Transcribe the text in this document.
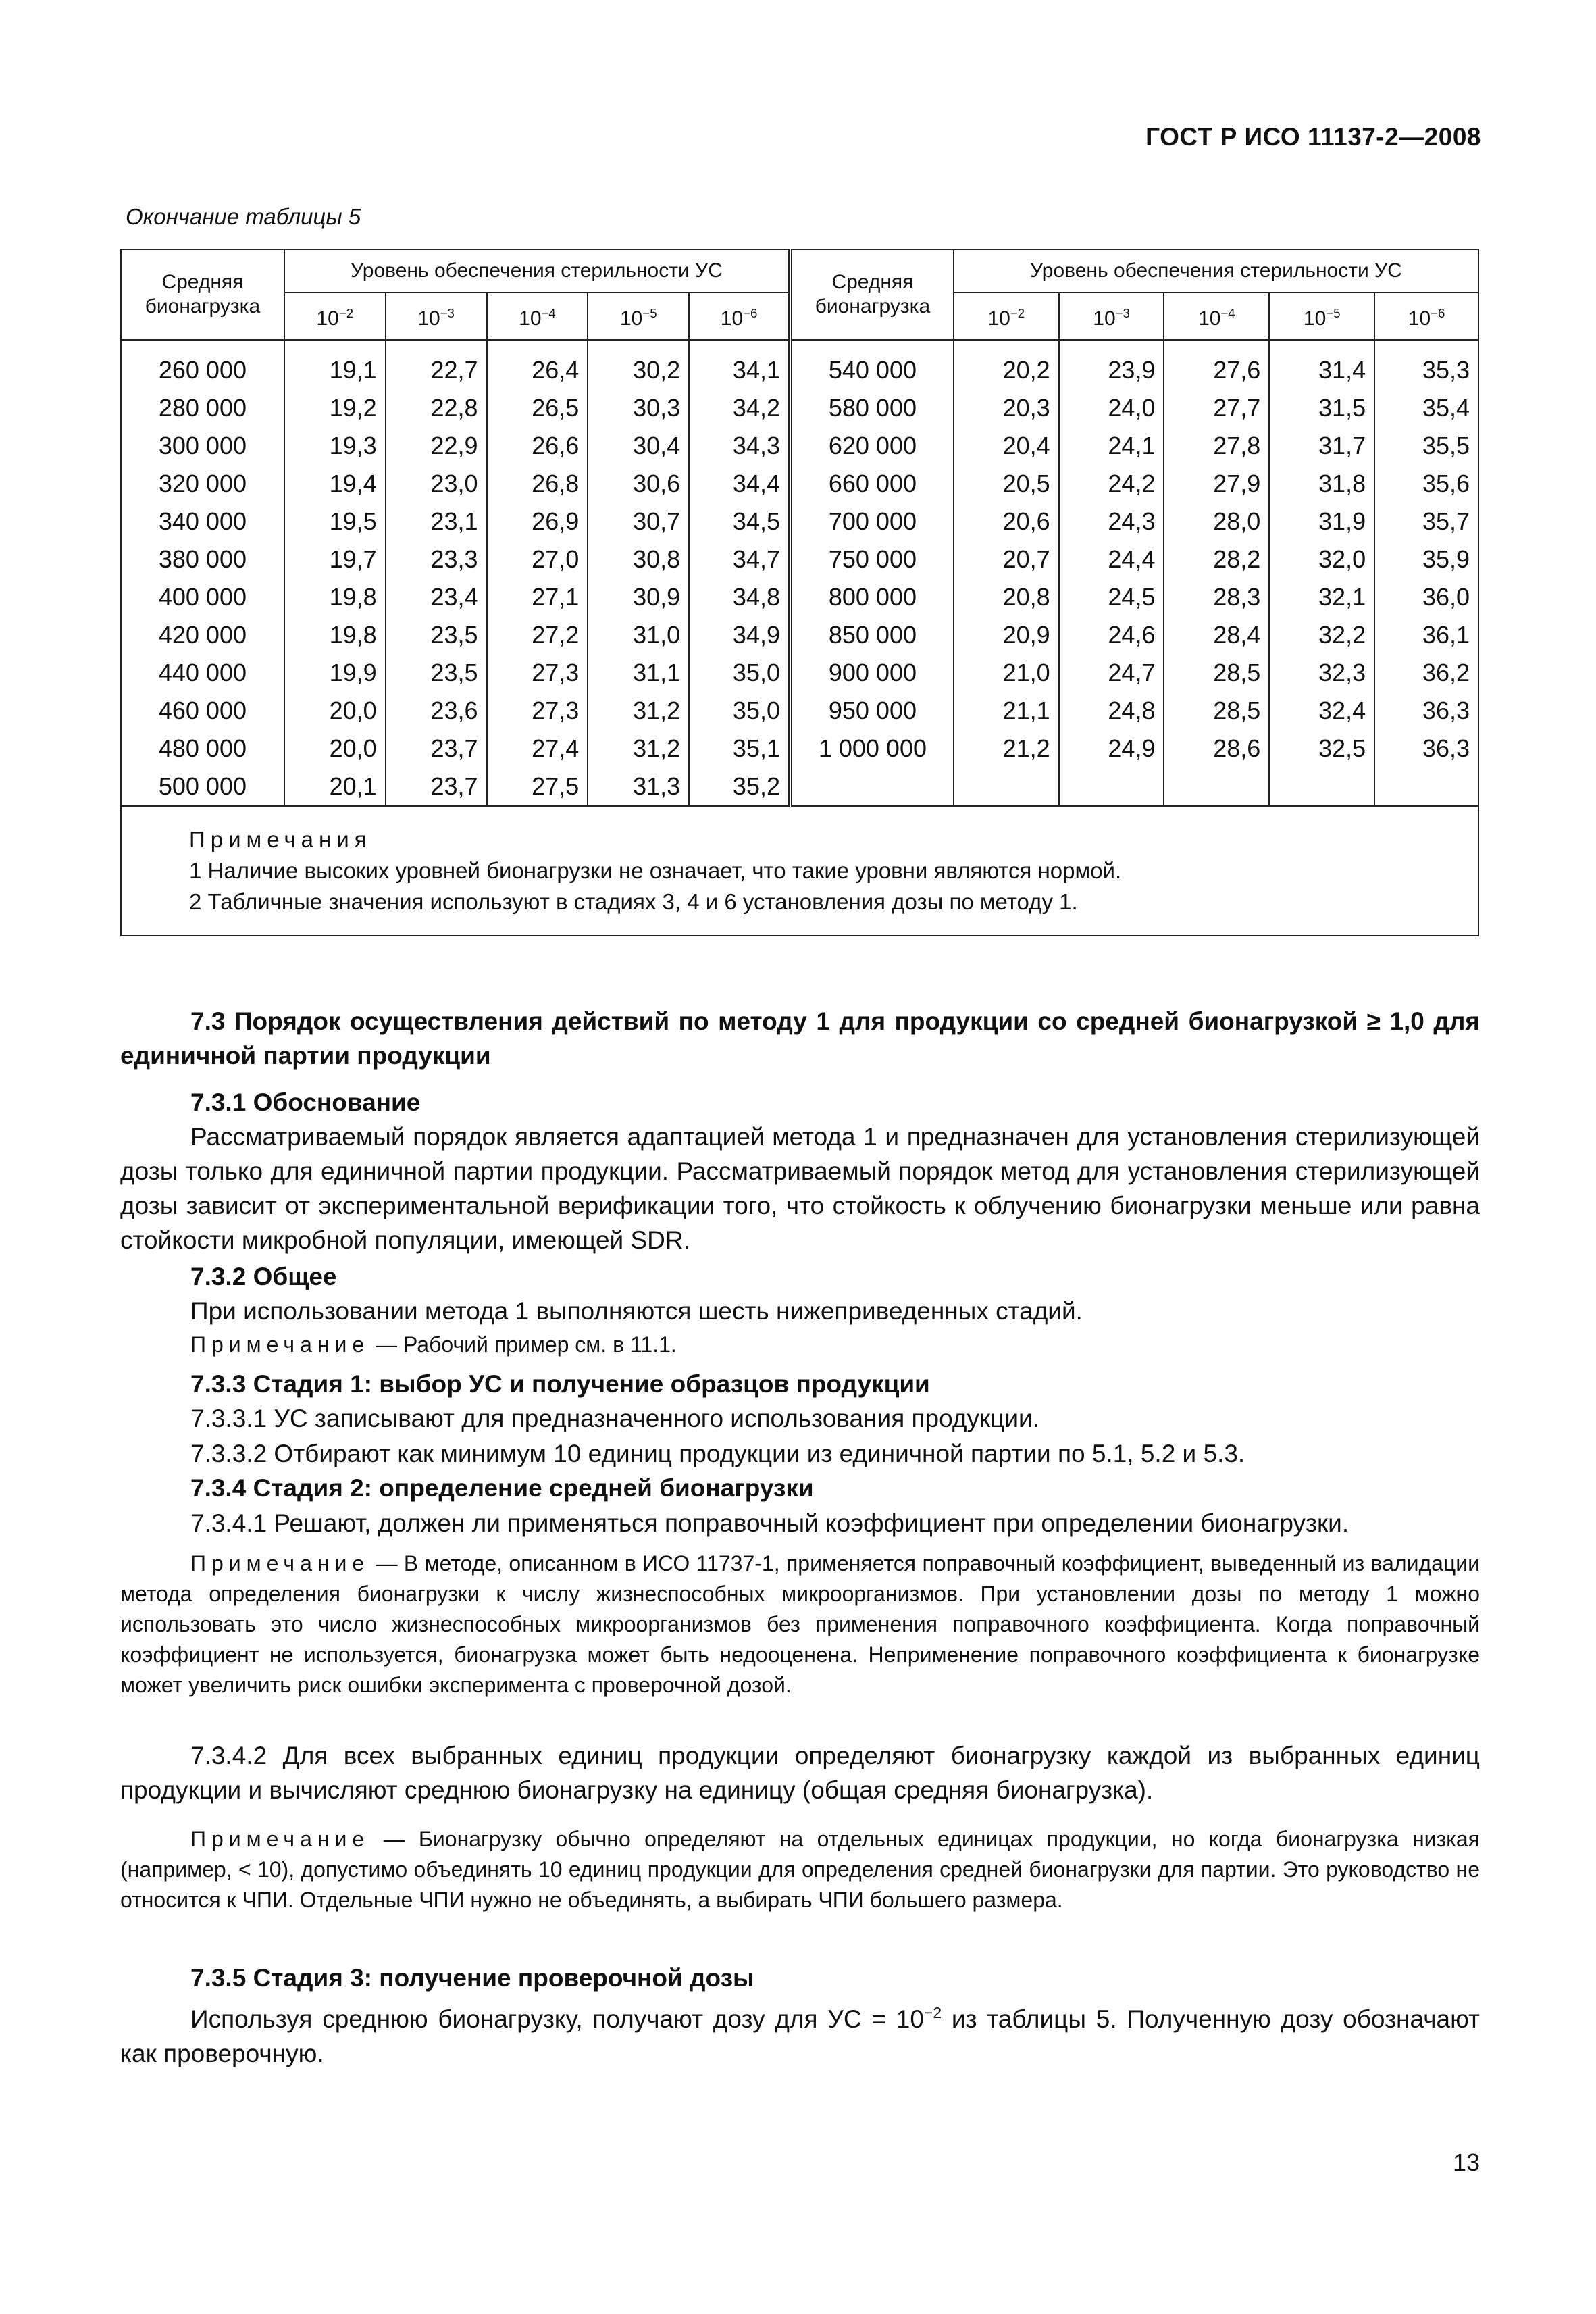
ГОСТ Р ИСО 11137-2—2008
Окончание таблицы 5
Средняя бионагрузка	Уровень обеспечения стерильности УС					Средняя бионагрузка	Уровень обеспечения стерильности УС				
	$10^{-2}$	$10^{-3}$	$10^{-4}$	$10^{-5}$	$10^{-6}$		$10^{-2}$	$10^{-3}$	$10^{-4}$	$10^{-5}$	$10^{-6}$
260 000	19,1	22,7	26,4	30,2	34,1	540 000	20,2	23,9	27,6	31,4	35,3
280 000	19,2	22,8	26,5	30,3	34,2	580 000	20,3	24,0	27,7	31,5	35,4
300 000	19,3	22,9	26,6	30,4	34,3	620 000	20,4	24,1	27,8	31,7	35,5
320 000	19,4	23,0	26,8	30,6	34,4	660 000	20,5	24,2	27,9	31,8	35,6
340 000	19,5	23,1	26,9	30,7	34,5	700 000	20,6	24,3	28,0	31,9	35,7
380 000	19,7	23,3	27,0	30,8	34,7	750 000	20,7	24,4	28,2	32,0	35,9
400 000	19,8	23,4	27,1	30,9	34,8	800 000	20,8	24,5	28,3	32,1	36,0
420 000	19,8	23,5	27,2	31,0	34,9	850 000	20,9	24,6	28,4	32,2	36,1
440 000	19,9	23,5	27,3	31,1	35,0	900 000	21,0	24,7	28,5	32,3	36,2
460 000	20,0	23,6	27,3	31,2	35,0	950 000	21,1	24,8	28,5	32,4	36,3
480 000	20,0	23,7	27,4	31,2	35,1	1 000 000	21,2	24,9	28,6	32,5	36,3
500 000	20,1	23,7	27,5	31,3	35,2						

Примечания
1 Наличие высоких уровней бионагрузки не означает, что такие уровни являются нормой.
2 Табличные значения используют в стадиях 3, 4 и 6 установления дозы по методу 1.											
7.3 Порядок осуществления действий по методу 1 для продукции со средней бионагрузкой ≥ 1,0 для единичной партии продукции
7.3.1 Обоснование
Рассматриваемый порядок является адаптацией метода 1 и предназначен для установления стерилизующей дозы только для единичной партии продукции. Рассматриваемый порядок метод для установления стерилизующей дозы зависит от экспериментальной верификации того, что стойкость к облучению бионагрузки меньше или равна стойкости микробной популяции, имеющей SDR.
7.3.2 Общее
При использовании метода 1 выполняются шесть нижеприведенных стадий.
Примечание — Рабочий пример см. в 11.1.
7.3.3 Стадия 1: выбор УС и получение образцов продукции
7.3.3.1 УС записывают для предназначенного использования продукции.
7.3.3.2 Отбирают как минимум 10 единиц продукции из единичной партии по 5.1, 5.2 и 5.3.
7.3.4 Стадия 2: определение средней бионагрузки
7.3.4.1 Решают, должен ли применяться поправочный коэффициент при определении бионагрузки.
Примечание — В методе, описанном в ИСО 11737-1, применяется поправочный коэффициент, выведенный из валидации метода определения бионагрузки к числу жизнеспособных микроорганизмов. При установлении дозы по методу 1 можно использовать это число жизнеспособных микроорганизмов без применения поправочного коэффициента. Когда поправочный коэффициент не используется, бионагрузка может быть недооценена. Неприменение поправочного коэффициента к бионагрузке может увеличить риск ошибки эксперимента с проверочной дозой.
7.3.4.2 Для всех выбранных единиц продукции определяют бионагрузку каждой из выбранных единиц продукции и вычисляют среднюю бионагрузку на единицу (общая средняя бионагрузка).
Примечание — Бионагрузку обычно определяют на отдельных единицах продукции, но когда бионагрузка низкая (например, < 10), допустимо объединять 10 единиц продукции для определения средней бионагрузки для партии. Это руководство не относится к ЧПИ. Отдельные ЧПИ нужно не объединять, а выбирать ЧПИ большего размера.
7.3.5 Стадия 3: получение проверочной дозы
Используя среднюю бионагрузку, получают дозу для УС = $10^{-2}$ из таблицы 5. Полученную дозу обозначают как проверочную.
13
